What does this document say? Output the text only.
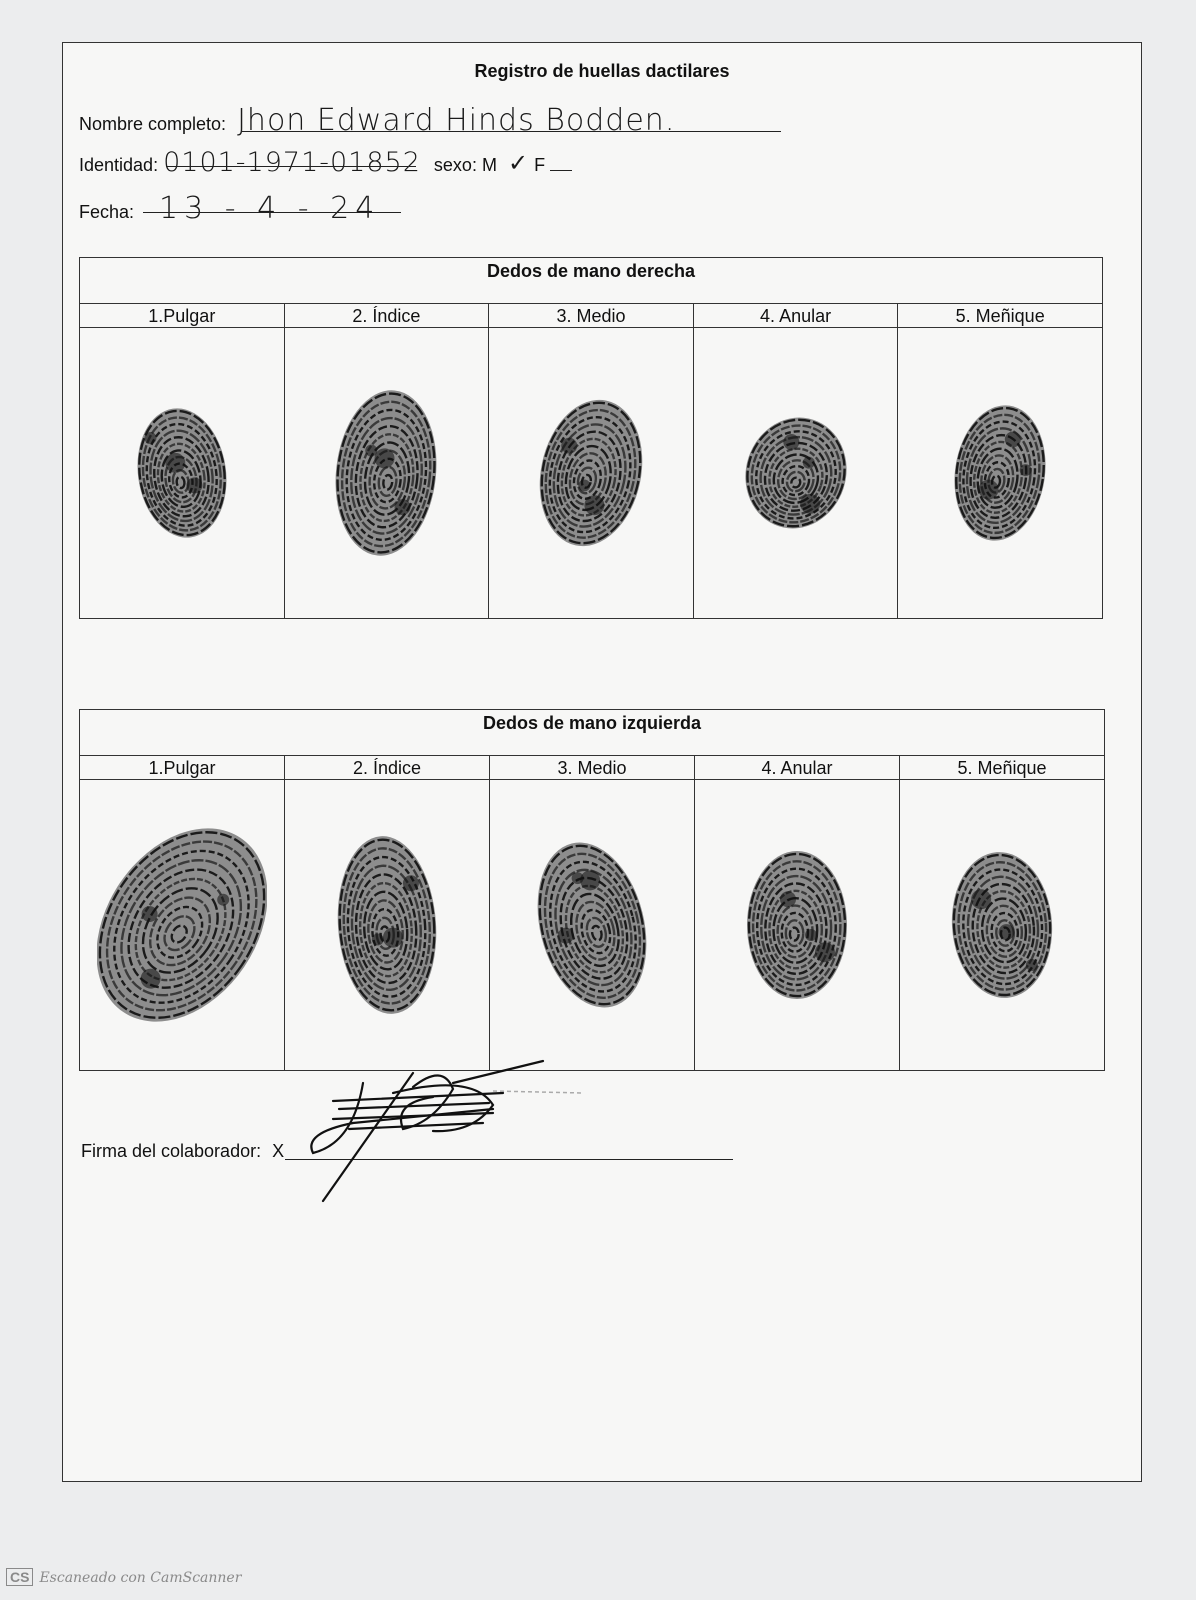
Registro de huellas dactilares
Nombre completo: Jhon Edward Hinds Bodden.
Identidad: 0101-1971-01852 sexo: M ✓ F
Fecha: 13 - 4 - 24
Dedos de mano derecha
1.Pulgar	2. Índice	3. Medio	4. Anular	5. Meñique
Dedos de mano izquierda
1.Pulgar	2. Índice	3. Medio	4. Anular	5. Meñique
Firma del colaborador: X
CS Escaneado con CamScanner
